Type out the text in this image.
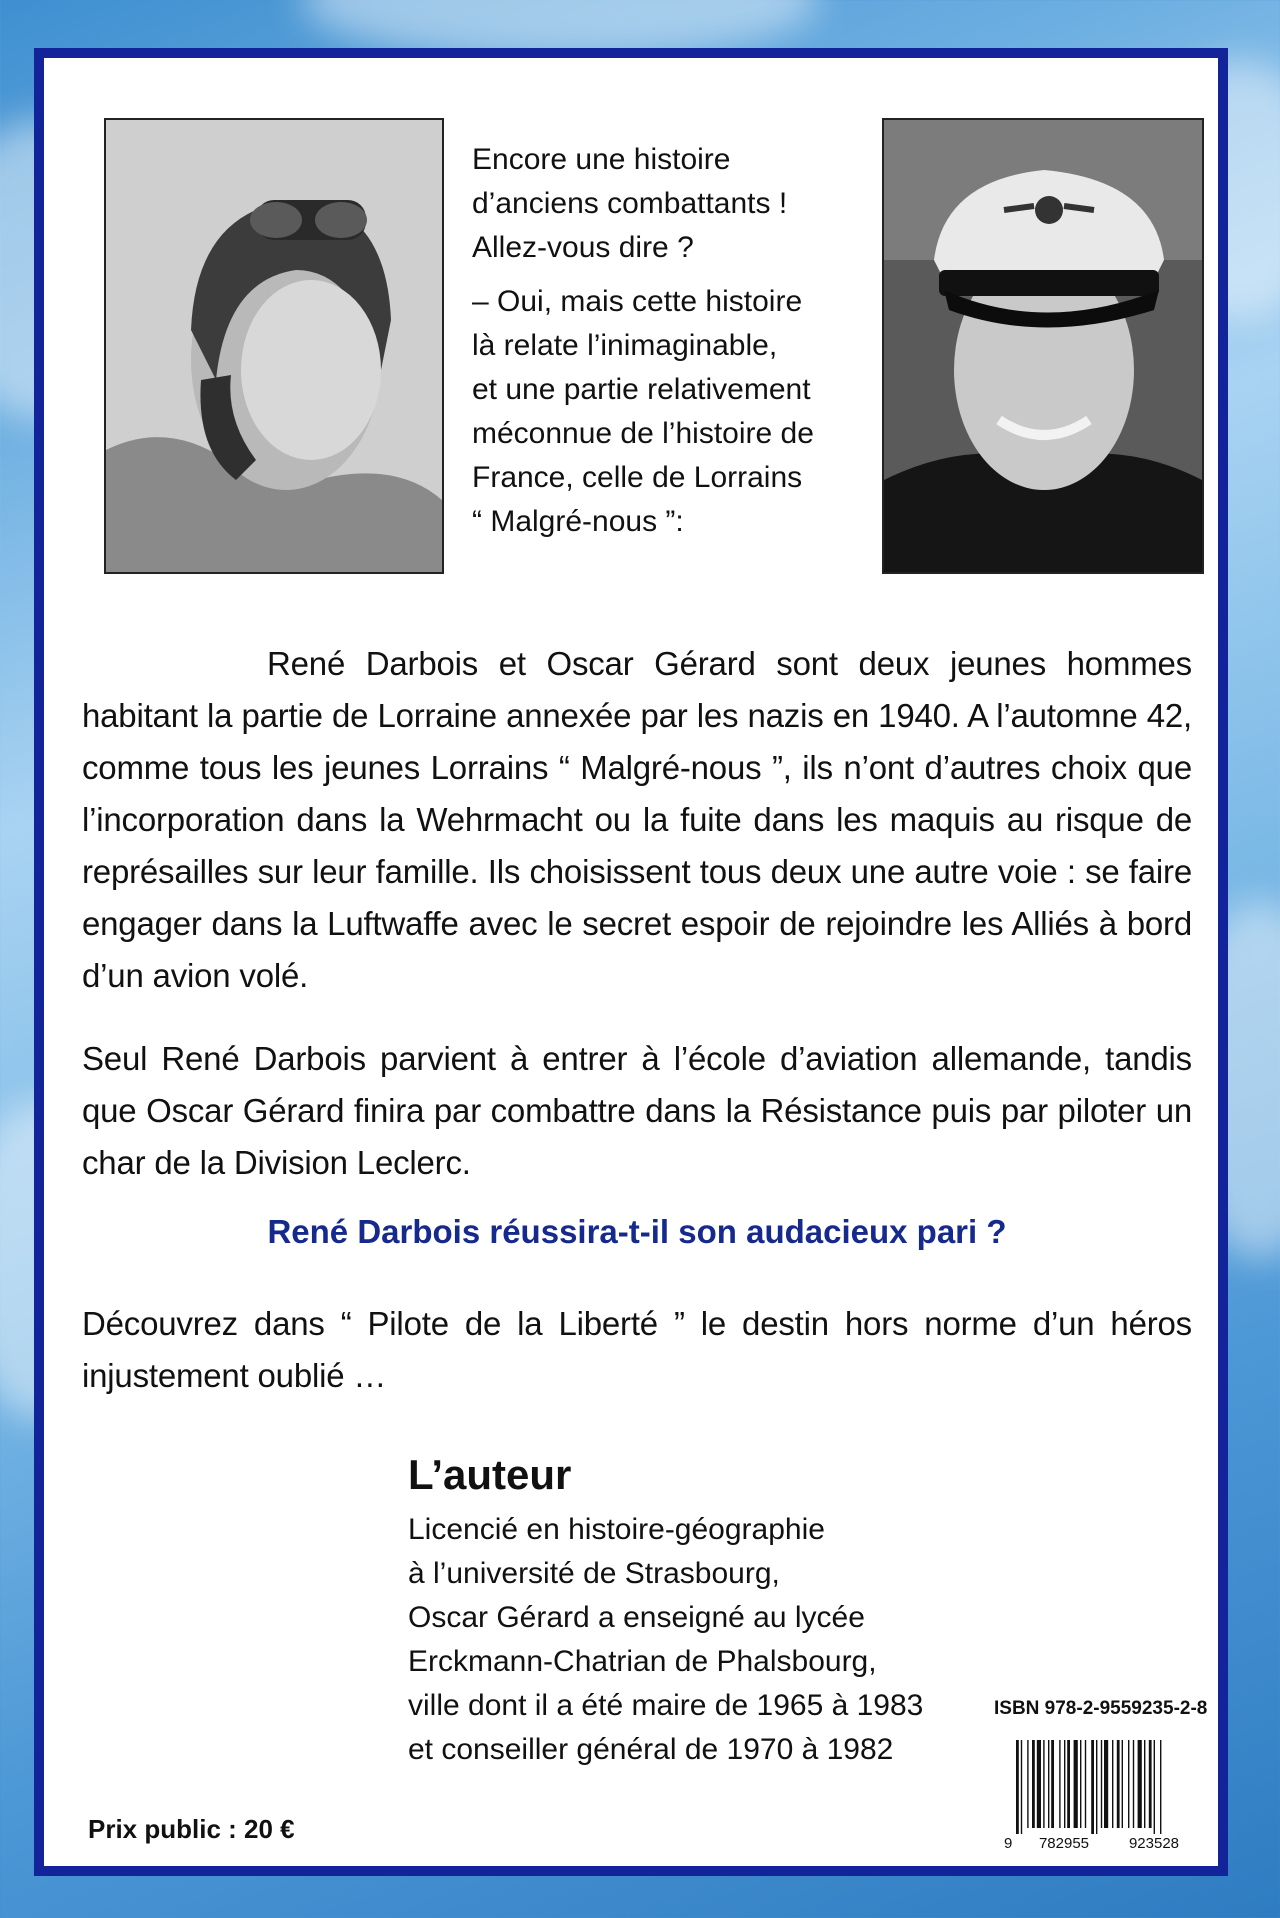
Encore une histoire

d’anciens combattants !

Allez-vous dire ?

– Oui, mais cette histoire

là relate l’inimaginable,

et une partie relativement

méconnue de l’histoire de

France, celle de Lorrains

“ Malgré-nous ”:

René Darbois et Oscar Gérard sont deux jeunes hommes habitant la partie de Lorraine annexée par les nazis en 1940. A l’automne 42, comme tous les jeunes Lorrains “ Malgré-nous ”, ils n’ont d’autres choix que l’incorporation dans la Wehrmacht ou la fuite dans les maquis au risque de représailles sur leur famille. Ils choisissent tous deux une autre voie : se faire engager dans la Luftwaffe avec le secret espoir de rejoindre les Alliés à bord d’un avion volé.
Seul René Darbois parvient à entrer à l’école d’aviation allemande, tandis que Oscar Gérard finira par combattre dans la Résistance puis par piloter un char de la Division Leclerc.
René Darbois réussira-t-il son audacieux pari ?
Découvrez dans “ Pilote de la Liberté ” le destin hors norme d’un héros injustement oublié …
L’auteur
Licencié en histoire-géographie
à l’université de Strasbourg,
Oscar Gérard a enseigné au lycée
Erckmann-Chatrian de Phalsbourg,
ville dont il a été maire de 1965 à 1983
et conseiller général de 1970 à 1982
ISBN 978-2-9559235-2-8
9 782955	923528
Prix public : 20 €
